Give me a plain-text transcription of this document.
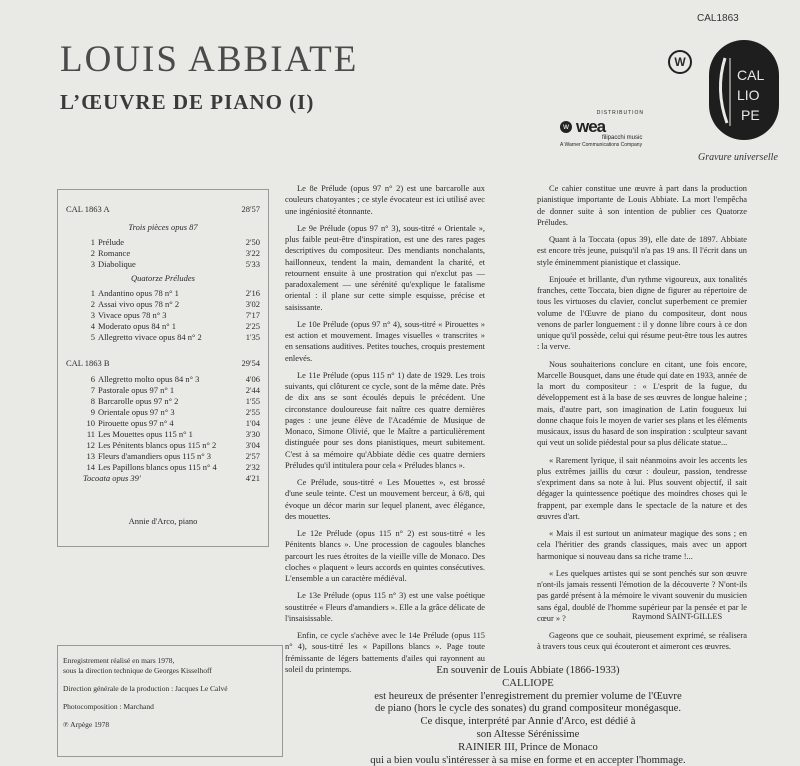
LOUIS ABBIATE
L’ŒUVRE DE PIANO (I)
CAL1863
W
CAL
LIO
PE
Gravure universelle
DISTRIBUTION
w wea
filipacchi music
A Warner Communications Company
CAL 1863 A	28'57
Trois pièces opus 87
1 Prélude	2'50
2 Romance	3'22
3 Diabolique	5'33
Quatorze Préludes
1 Andantino opus 78 n° 1	2'16
2 Assai vivo opus 78 n° 2	3'02
3 Vivace opus 78 n° 3	7'17
4 Moderato opus 84 n° 1	2'25
5 Allegretto vivace opus 84 n° 2	1'35
CAL 1863 B	29'54
6 Allegretto molto opus 84 n° 3	4'06
7 Pastorale opus 97 n° 1	2'44
8 Barcarolle opus 97 n° 2	1'55
9 Orientale opus 97 n° 3	2'55
10 Pirouette opus 97 n° 4	1'04
11 Les Mouettes opus 115 n° 1	3'30
12 Les Pénitents blancs opus 115 n° 2	3'04
13 Fleurs d'amandiers opus 115 n° 3	2'57
14 Les Papillons blancs opus 115 n° 4	2'32
Tocoata opus 39'	4'21
Annie d'Arco, piano

Le 8e Prélude (opus 97 n° 2) est une barcarolle aux couleurs chatoyantes ; ce style évocateur est ici utilisé avec une ingéniosité étonnante.

Le 9e Prélude (opus 97 n° 3), sous-titré « Orientale », plus faible peut-être d'inspiration, est une des rares pages descriptives du compositeur. Des mendiants nonchalants, haillonneux, tendent la main, demandent la charité, et retournent ensuite à une prostration qui n'exclut pas — paradoxalement — une sérénité qu'explique le fatalisme oriental : il plane sur cette simple esquisse, précise et saisissante.

Le 10e Prélude (opus 97 n° 4), sous-titré « Pirouettes » est action et mouvement. Images visuelles « transcrites » en sensations auditives. Petites touches, croquis prestement enlevés.

Le 11e Prélude (opus 115 n° 1) date de 1929. Les trois suivants, qui clôturent ce cycle, sont de la même date. Près de dix ans se sont écoulés depuis le précédent. Une circonstance douloureuse fait naître ces quatre dernières pages : une jeune élève de l'Académie de Musique de Monaco, Simone Olivié, que le Maître a particulièrement distinguée pour ses dons pianistiques, meurt subitement. C'est à sa mémoire qu'Abbiate dédie ces quatre derniers Préludes qu'il intitulera pour cela « Préludes blancs ».

Ce Prélude, sous-titré « Les Mouettes », est brossé d'une seule teinte. C'est un mouvement berceur, à 6/8, qui évoque un décor marin sur lequel planent, avec élégance, des mouettes.

Le 12e Prélude (opus 115 n° 2) est sous-titré « les Pénitents blancs ». Une procession de cagoules blanches parcourt les rues étroites de la vieille ville de Monaco. Des cloches « plaquent » leurs accords en quintes consécutives. L'ensemble a un caractère médiéval.

Le 13e Prélude (opus 115 n° 3) est une valse poétique soustitrée « Fleurs d'amandiers ». Elle a la grâce délicate de l'insaisissable.

Enfin, ce cycle s'achève avec le 14e Prélude (opus 115 n° 4), sous-titré les « Papillons blancs ». Page toute frémissante de légers battements d'ailes qui rayonnent au soleil du printemps.

Ce cahier constitue une œuvre à part dans la production pianistique importante de Louis Abbiate. La mort l'empêcha de donner suite à son intention de publier ces Quatorze Préludes.

Quant à la Toccata (opus 39), elle date de 1897. Abbiate est encore très jeune, puisqu'il n'a pas 19 ans. Il l'écrit dans un style éminemment pianistique et classique.

Enjouée et brillante, d'un rythme vigoureux, aux tonalités franches, cette Toccata, bien digne de figurer au répertoire de tous les virtuoses du clavier, conclut superbement ce premier volume de l'Œuvre de piano du compositeur, dont nous venons de parler longuement : il y donne libre cours à ce don unique qu'il possède, celui qui résume peut-être tous les autres : la verve.

Nous souhaiterions conclure en citant, une fois encore, Marcelle Bousquet, dans une étude qui date en 1933, année de la mort du compositeur : « L'esprit de la fugue, du développement est à la base de ses œuvres de longue haleine ; mais, d'autre part, son imagination de Latin fougueux lui donne chaque fois le moyen de varier ses plans et les éléments musicaux, issus du hasard de son inspiration : sculpteur savant qui veut un solide piédestal pour sa plus délicate statue...

« Rarement lyrique, il sait néanmoins avoir les accents les plus extrêmes jaillis du cœur : douleur, passion, tendresse s'expriment dans sa note à lui. Plus souvent objectif, il sait dégager la quintessence poétique des moindres choses qui le frappent, par exemple dans le spectacle de la nature et des œuvres d'art.

« Mais il est surtout un animateur magique des sons ; en cela l'héritier des grands classiques, mais avec un apport harmonique si nouveau dans sa riche trame !...

« Les quelques artistes qui se sont penchés sur son œuvre n'ont-ils jamais ressenti l'émotion de la découverte ? N'ont-ils pas gardé présent à la mémoire le vivant souvenir du musicien sans égal, doublé de l'homme supérieur par la pensée et par le cœur » ?

Gageons que ce souhait, pieusement exprimé, se réalisera à travers tous ceux qui écouteront et aimeront ces œuvres.

Raymond SAINT-GILLES
Enregistrement réalisé en mars 1978,
sous la direction technique de Georges Kisselhoff
Direction générale de la production : Jacques Le Calvé
Photocomposition : Marchand
℗ Arpège 1978
En souvenir de Louis Abbiate (1866-1933)
CALLIOPE
est heureux de présenter l'enregistrement du premier volume de l'Œuvre
de piano (hors le cycle des sonates) du grand compositeur monégasque.
Ce disque, interprété par Annie d'Arco, est dédié à
son Altesse Sérénissime
RAINIER III, Prince de Monaco
qui a bien voulu s'intéresser à sa mise en forme et en accepter l'hommage.
